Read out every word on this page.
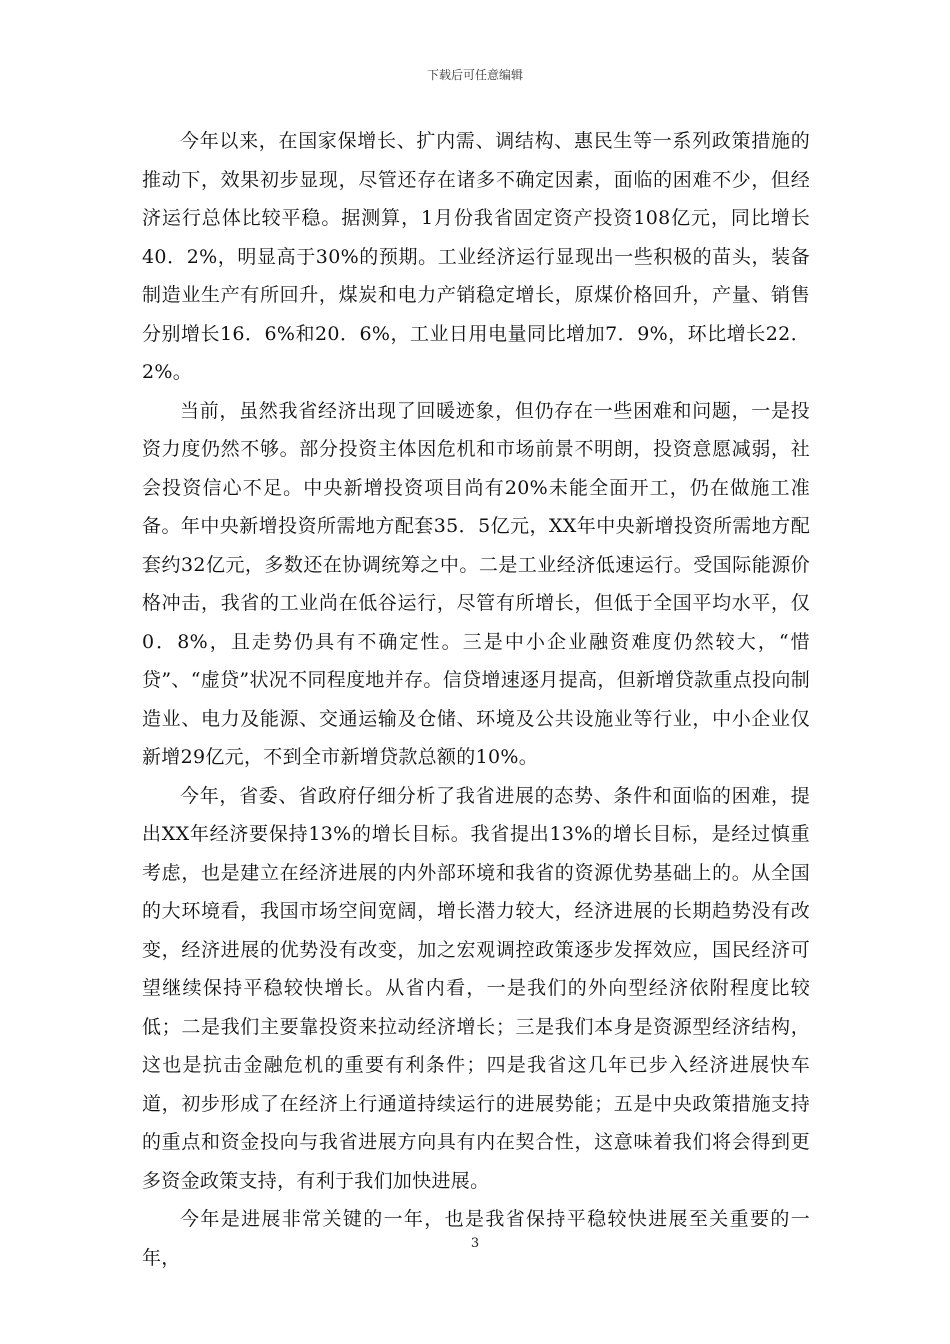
下载后可任意编辑

今年以来，在国家保增长、扩内需、调结构、惠民生等一系列政策措施的推动下，效果初步显现，尽管还存在诸多不确定因素，面临的困难不少，但经济运行总体比较平稳。据测算，1月份我省固定资产投资108亿元，同比增长40．2%，明显高于30%的预期。工业经济运行显现出一些积极的苗头，装备制造业生产有所回升，煤炭和电力产销稳定增长，原煤价格回升，产量、销售分别增长16．6%和20．6%，工业日用电量同比增加7．9%，环比增长22．2%。

当前，虽然我省经济出现了回暖迹象，但仍存在一些困难和问题，一是投资力度仍然不够。部分投资主体因危机和市场前景不明朗，投资意愿减弱，社会投资信心不足。中央新增投资项目尚有20%未能全面开工，仍在做施工准备。年中央新增投资所需地方配套35．5亿元，XX年中央新增投资所需地方配套约32亿元，多数还在协调统筹之中。二是工业经济低速运行。受国际能源价格冲击，我省的工业尚在低谷运行，尽管有所增长，但低于全国平均水平，仅0．8%，且走势仍具有不确定性。三是中小企业融资难度仍然较大，“惜贷”、“虚贷”状况不同程度地并存。信贷增速逐月提高，但新增贷款重点投向制造业、电力及能源、交通运输及仓储、环境及公共设施业等行业，中小企业仅新增29亿元，不到全市新增贷款总额的10%。

今年，省委、省政府仔细分析了我省进展的态势、条件和面临的困难，提出XX年经济要保持13%的增长目标。我省提出13%的增长目标，是经过慎重考虑，也是建立在经济进展的内外部环境和我省的资源优势基础上的。从全国的大环境看，我国市场空间宽阔，增长潜力较大，经济进展的长期趋势没有改变，经济进展的优势没有改变，加之宏观调控政策逐步发挥效应，国民经济可望继续保持平稳较快增长。从省内看，一是我们的外向型经济依附程度比较低；二是我们主要靠投资来拉动经济增长；三是我们本身是资源型经济结构，这也是抗击金融危机的重要有利条件；四是我省这几年已步入经济进展快车道，初步形成了在经济上行通道持续运行的进展势能；五是中央政策措施支持的重点和资金投向与我省进展方向具有内在契合性，这意味着我们将会得到更多资金政策支持，有利于我们加快进展。

今年是进展非常关键的一年，也是我省保持平稳较快进展至关重要的一年，

3
